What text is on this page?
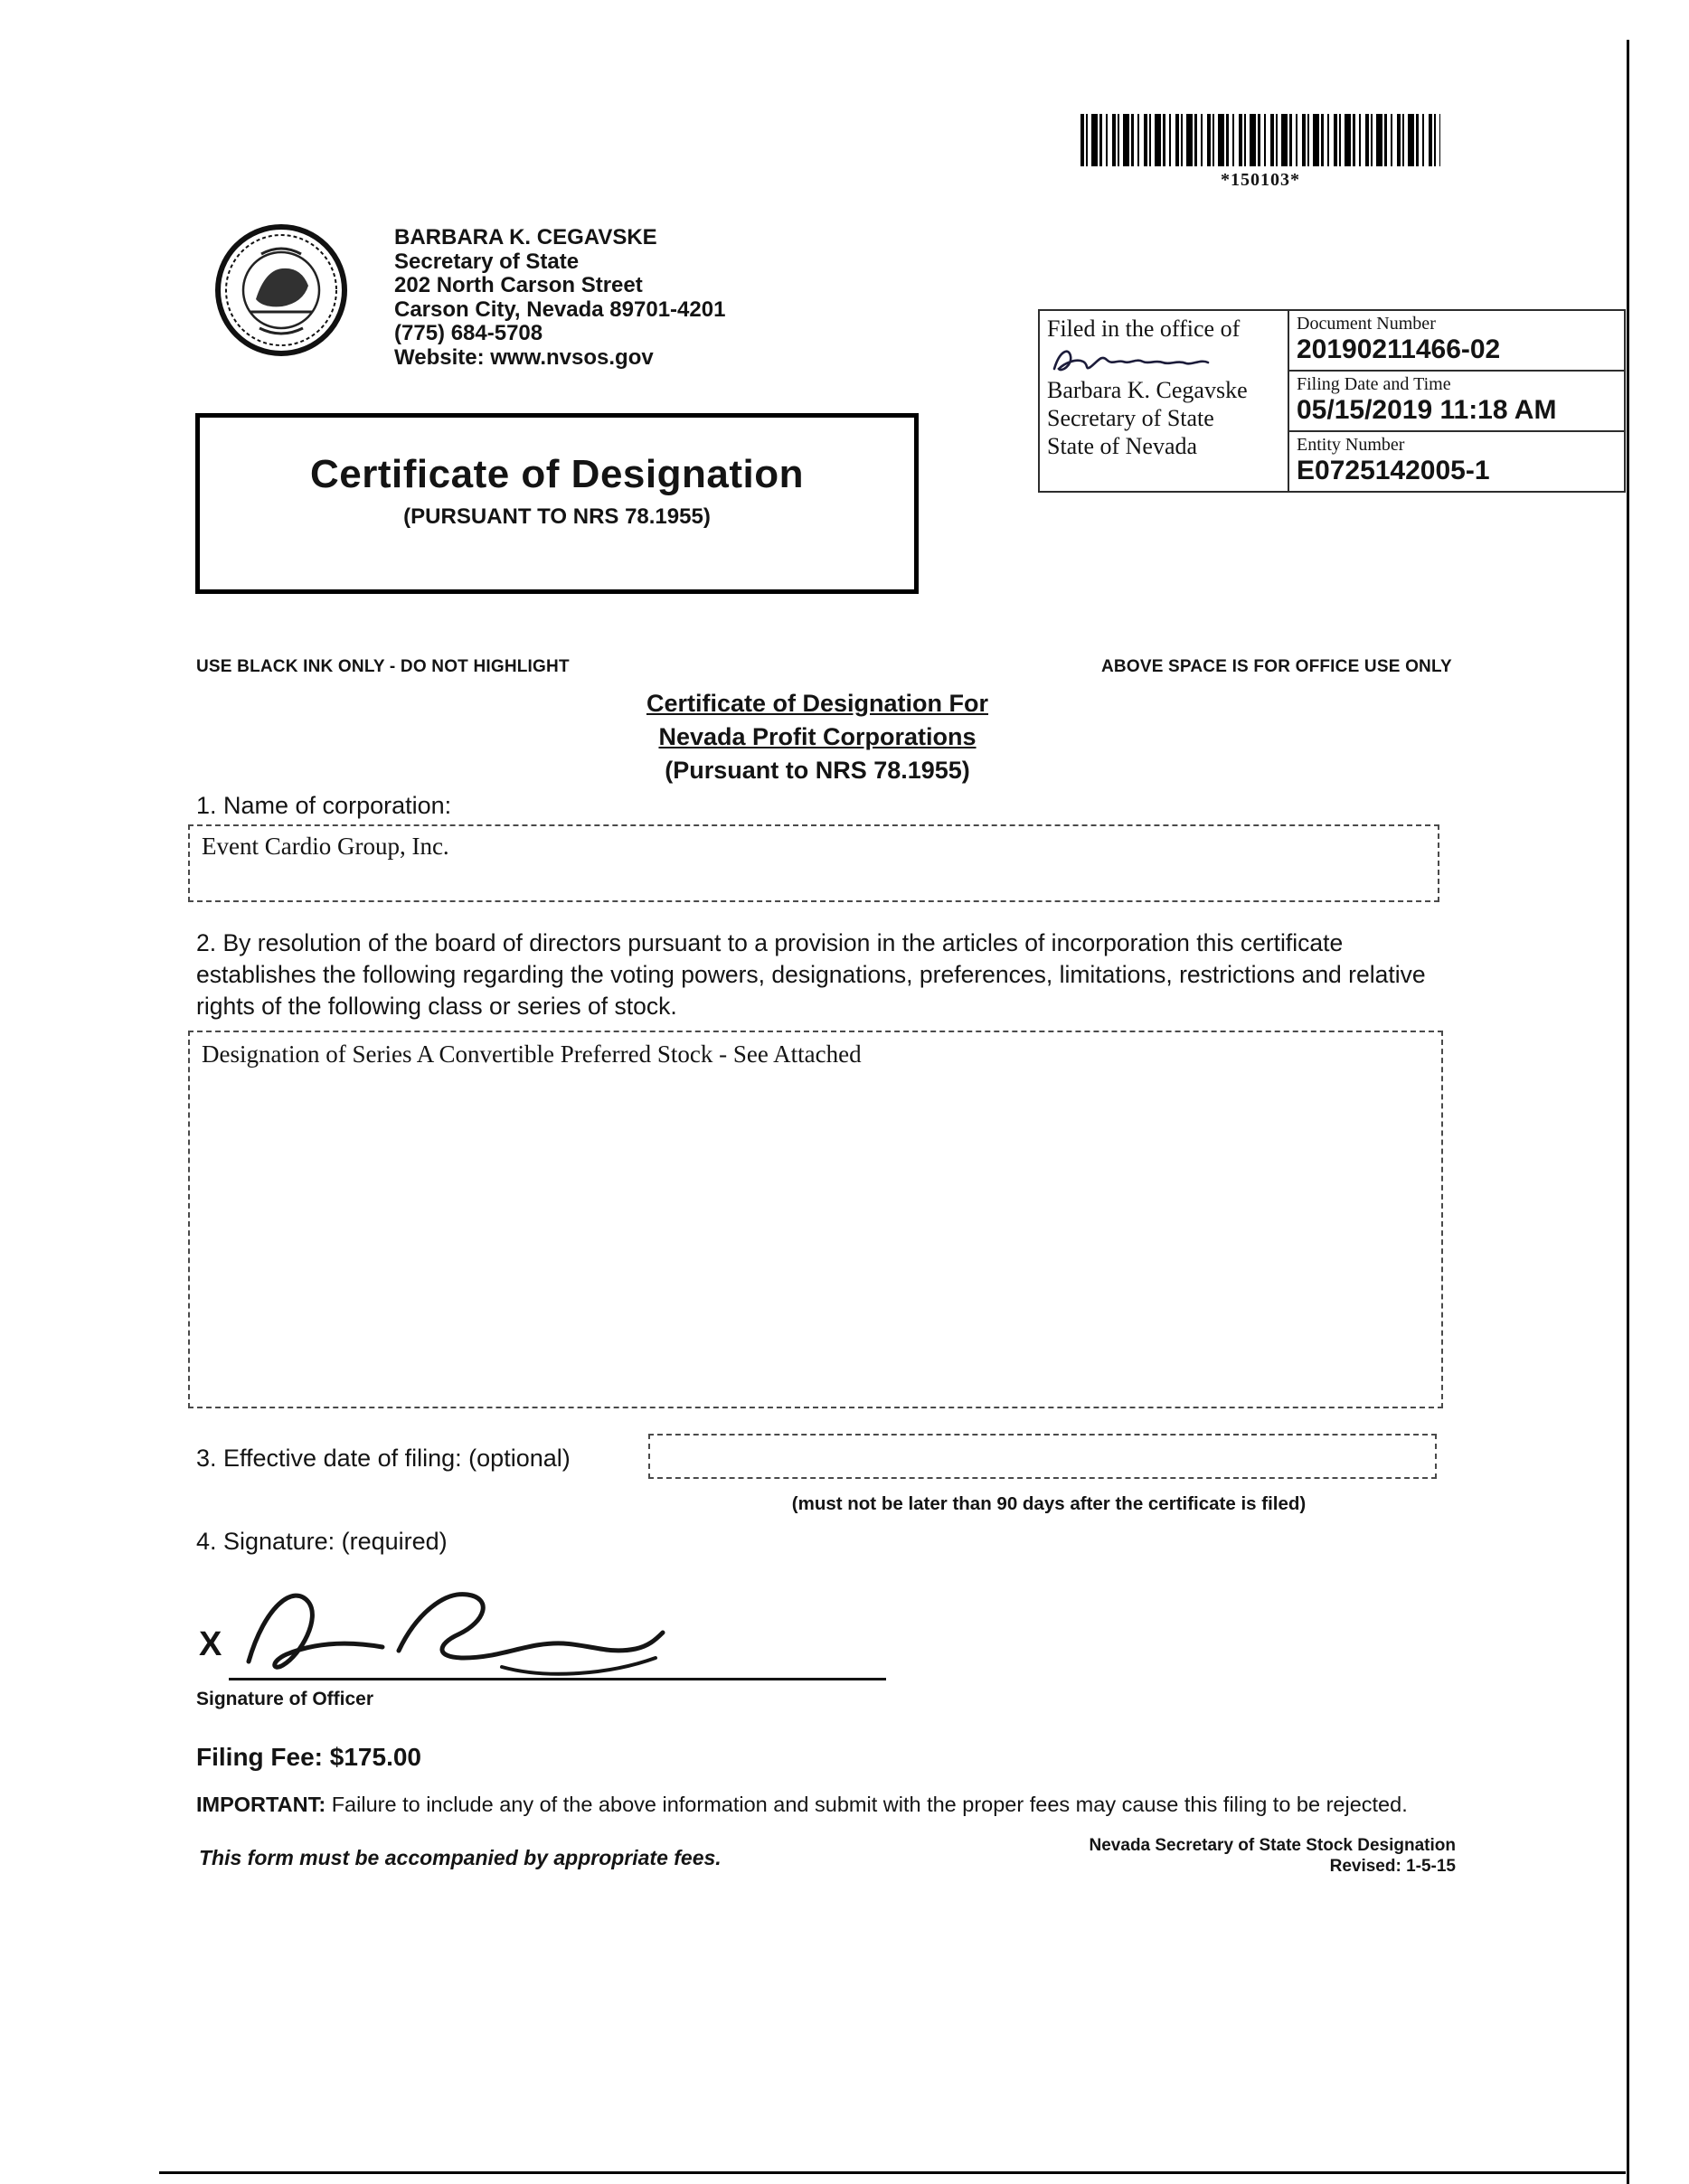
*150103*
BARBARA K. CEGAVSKE
Secretary of State
202 North Carson Street
Carson City, Nevada 89701-4201
(775) 684-5708
Website: www.nvsos.gov
Certificate of Designation
(PURSUANT TO NRS 78.1955)
Filed in the office of
Barbara K. Cegavske
Secretary of State
State of Nevada
Document Number
20190211466-02
Filing Date and Time
05/15/2019 11:18 AM
Entity Number
E0725142005-1
USE BLACK INK ONLY - DO NOT HIGHLIGHT	ABOVE SPACE IS FOR OFFICE USE ONLY
Certificate of Designation For
Nevada Profit Corporations
(Pursuant to NRS 78.1955)
1. Name of corporation:
Event Cardio Group, Inc.
2. By resolution of the board of directors pursuant to a provision in the articles of incorporation this certificate establishes the following regarding the voting powers, designations, preferences, limitations, restrictions and relative rights of the following class or series of stock.
Designation of Series A Convertible Preferred Stock - See Attached
3. Effective date of filing: (optional)
(must not be later than 90 days after the certificate is filed)
4. Signature: (required)
X
Signature of Officer
Filing Fee: $175.00
IMPORTANT: Failure to include any of the above information and submit with the proper fees may cause this filing to be rejected.
This form must be accompanied by appropriate fees.
Nevada Secretary of State Stock Designation
Revised: 1-5-15
